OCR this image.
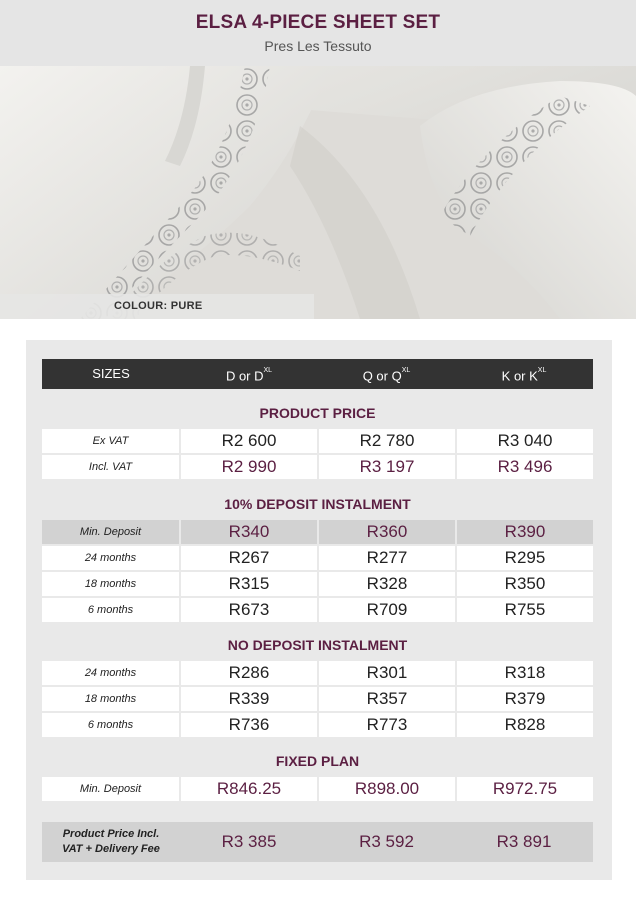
ELSA 4-PIECE SHEET SET
Pres Les Tessuto
COLOUR: PURE
SIZES	D or $D^{XL}$	Q or $Q^{XL}$	K or $K^{XL}$
PRODUCT PRICE
Ex VAT	R2 600	R2 780	R3 040
Incl. VAT	R2 990	R3 197	R3 496
10% DEPOSIT INSTALMENT
Min. Deposit	R340	R360	R390
24 months	R267	R277	R295
18 months	R315	R328	R350
6 months	R673	R709	R755
NO DEPOSIT INSTALMENT
24 months	R286	R301	R318
18 months	R339	R357	R379
6 months	R736	R773	R828
FIXED PLAN
Min. Deposit	R846.25	R898.00	R972.75
Product Price Incl.
VAT + Delivery Fee	R3 385	R3 592	R3 891
